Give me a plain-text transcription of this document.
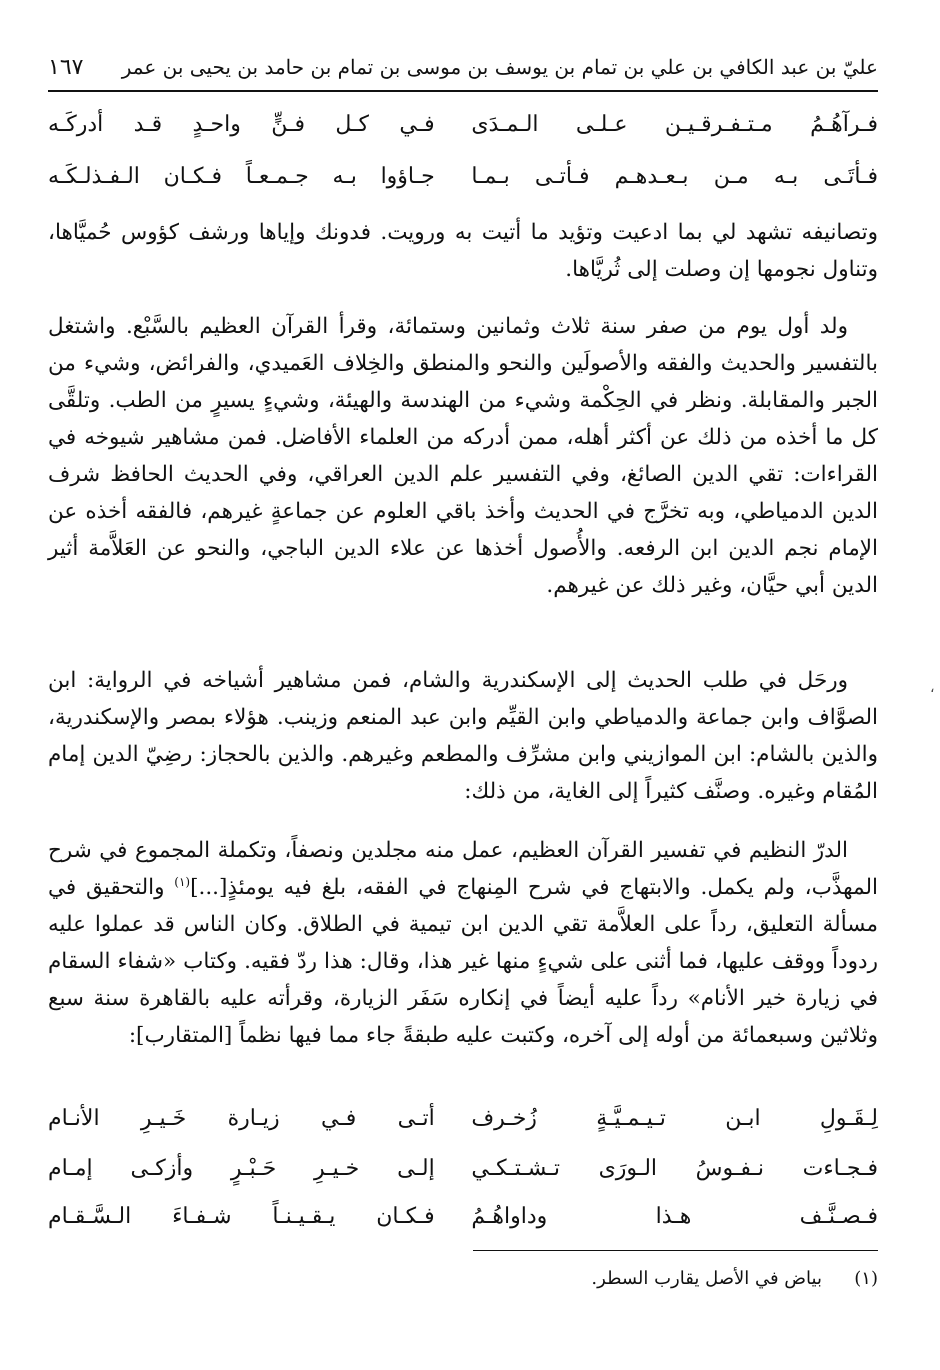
عليّ بن عبد الكافي بن علي بن تمام بن يوسف بن موسى بن تمام بن حامد بن يحيى بن عمر
١٦٧
فـرآهُـمُ مـتـفـرقـيـن عـلـى الـمـدَى
فـي كـل فـنٍّ واحـدٍ قـد أدركَـه
فـأتَـى بـه مـن بـعـدهـم فـأتـى بـمـا
جـاؤوا بـه جـمـعـاً فـكـان الـفـذلـكَـه

وتصانيفه تشهد لي بما ادعيت وتؤيد ما أتيت به ورويت. فدونك وإياها ورشف كؤوس حُميَّاها، وتناول نجومها إن وصلت إلى ثُريَّاها.

ولد أول يوم من صفر سنة ثلاث وثمانين وستمائة، وقرأ القرآن العظيم بالسَّبْع. واشتغل بالتفسير والحديث والفقه والأصولَين والنحو والمنطق والخِلاف العَميدي، والفرائض، وشيء من الجبر والمقابلة. ونظر في الحِكْمة وشيء من الهندسة والهيئة، وشيءٍ يسيرٍ من الطب. وتلقَّى كل ما أخذه من ذلك عن أكثر أهله، ممن أدركه من العلماء الأفاضل. فمن مشاهير شيوخه في القراءات: تقي الدين الصائغ، وفي التفسير علم الدين العراقي، وفي الحديث الحافظ شرف الدين الدمياطي، وبه تخرَّج في الحديث وأخذ باقي العلوم عن جماعةٍ غيرهم، فالفقه أخذه عن الإمام نجم الدين ابن الرفعه. والأُصول أخذها عن علاء الدين الباجي، والنحو عن العَلاَّمة أثير الدين أبي حيَّان، وغير ذلك عن غيرهم.

ورحَل في طلب الحديث إلى الإسكندرية والشام، فمن مشاهير أشياخه في الرواية: ابن الصوَّاف وابن جماعة والدمياطي وابن القيِّم وابن عبد المنعم وزينب. هؤلاء بمصر والإسكندرية، والذين بالشام: ابن الموازيني وابن مشرِّف والمطعم وغيرهم. والذين بالحجاز: رضِيّ الدين إمام المُقام وغيره. وصنَّف كثيراً إلى الغاية، من ذلك:

الدرّ النظيم في تفسير القرآن العظيم، عمل منه مجلدين ونصفاً، وتكملة المجموع في شرح المهذَّب، ولم يكمل. والابتهاج في شرح المِنهاج في الفقه، بلغ فيه يومئذٍ[...]$^{(١)}$ والتحقيق في مسألة التعليق، رداً على العلاَّمة تقي الدين ابن تيمية في الطلاق. وكان الناس قد عملوا عليه ردوداً ووقف عليها، فما أثنى على شيءٍ منها غير هذا، وقال: هذا ردّ فقيه. وكتاب «شفاء السقام في زيارة خير الأنام» رداً عليه أيضاً في إنكاره سَفَر الزيارة، وقرأته عليه بالقاهرة سنة سبع وثلاثين وسبعمائة من أوله إلى آخره، وكتبت عليه طبقةً جاء مما فيها نظماً [المتقارب]:

لِـقَـولِ ابـن تـيـمـيَّـةٍ زُخـرف
أتـى فـي زيـارة خَـيـرِ الأنـام
فـجـاءت نـفـوسُ الـورَى تـشـتـكـي
إلـى خـيـرِ حَـبْـرٍ وأزكـى إمـام
فـصـنَّـف هـذا وداواهُـمُ
فـكـان يـقـيـنـاً شـفـاءَ الـسَّـقـام
(١)بياض في الأصل يقارب السطر.
،
